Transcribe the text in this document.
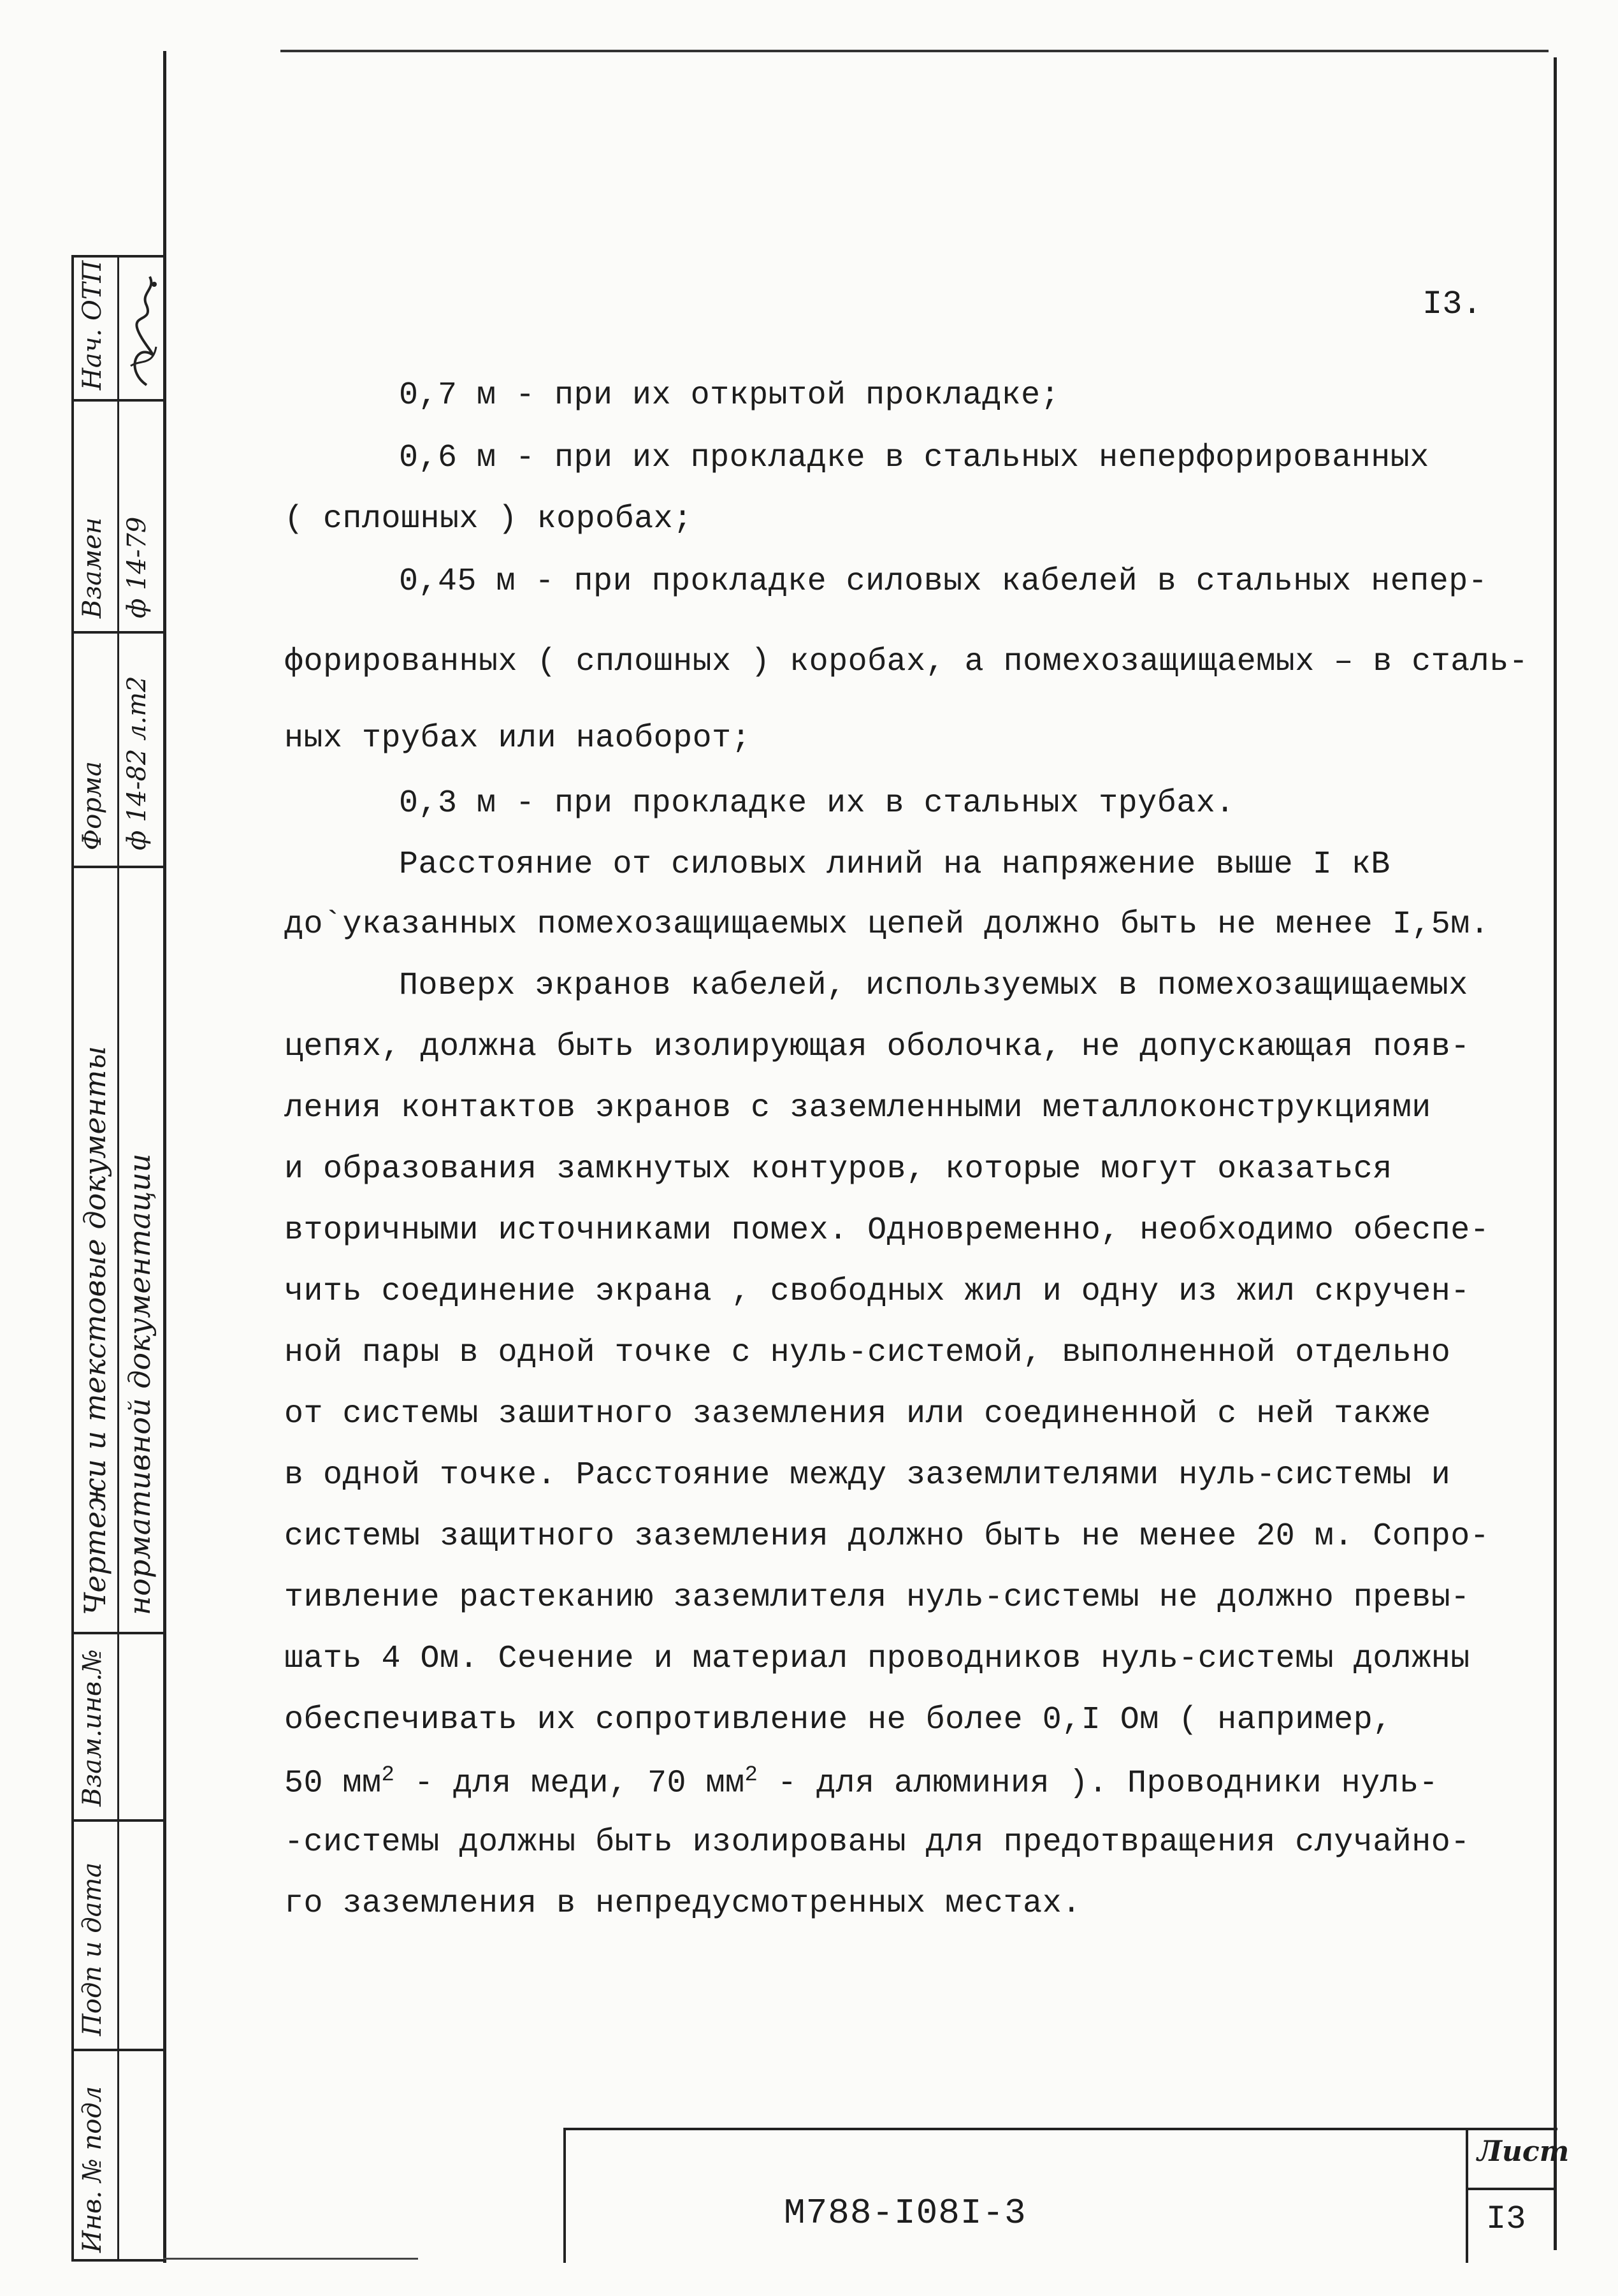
Нач. ОТП
Взамен
Форма
Чертежи и текстовые документы
Взам.инв.№
Подп и дата
Инв. № подл
ф 14-79
ф 14-82 л.m2
нормативной документации
I3.
0,7 м - при их открытой прокладке;
0,6 м - при их прокладке в стальных неперфорированных
( сплошных ) коробах;
0,45 м - при прокладке силовых кабелей в стальных непер-
форированных ( сплошных ) коробах, а помехозащищаемых – в сталь-
ных трубах или наоборот;
0,3 м - при прокладке их в стальных трубах.
Расстояние от силовых линий на напряжение выше I кВ
до`указанных помехозащищаемых цепей должно быть не менее I,5м.
Поверх экранов кабелей, используемых в помехозащищаемых
цепях, должна быть изолирующая оболочка, не допускающая появ-
ления контактов экранов с заземленными металлоконструкциями
и образования замкнутых контуров, которые могут оказаться
вторичными источниками помех. Одновременно, необходимо обеспе-
чить соединение экрана , свободных жил и одну из жил скручен-
ной пары в одной точке с нуль-системой, выполненной отдельно
от системы зашитного заземления или соединенной с ней также
в одной точке. Расстояние между заземлителями нуль-системы и
системы защитного заземления должно быть не менее 20 м. Сопро-
тивление растеканию заземлителя нуль-системы не должно превы-
шать 4 Ом. Сечение и материал проводников нуль-системы должны
обеспечивать их сопротивление не более 0,I Ом ( например,
50 $мм^2$ - для меди, 70 $мм^2$ - для алюминия ). Проводники нуль-
-системы должны быть изолированы для предотвращения случайно-
го заземления в непредусмотренных местах.
М788-I08I-3
Лист
I3
